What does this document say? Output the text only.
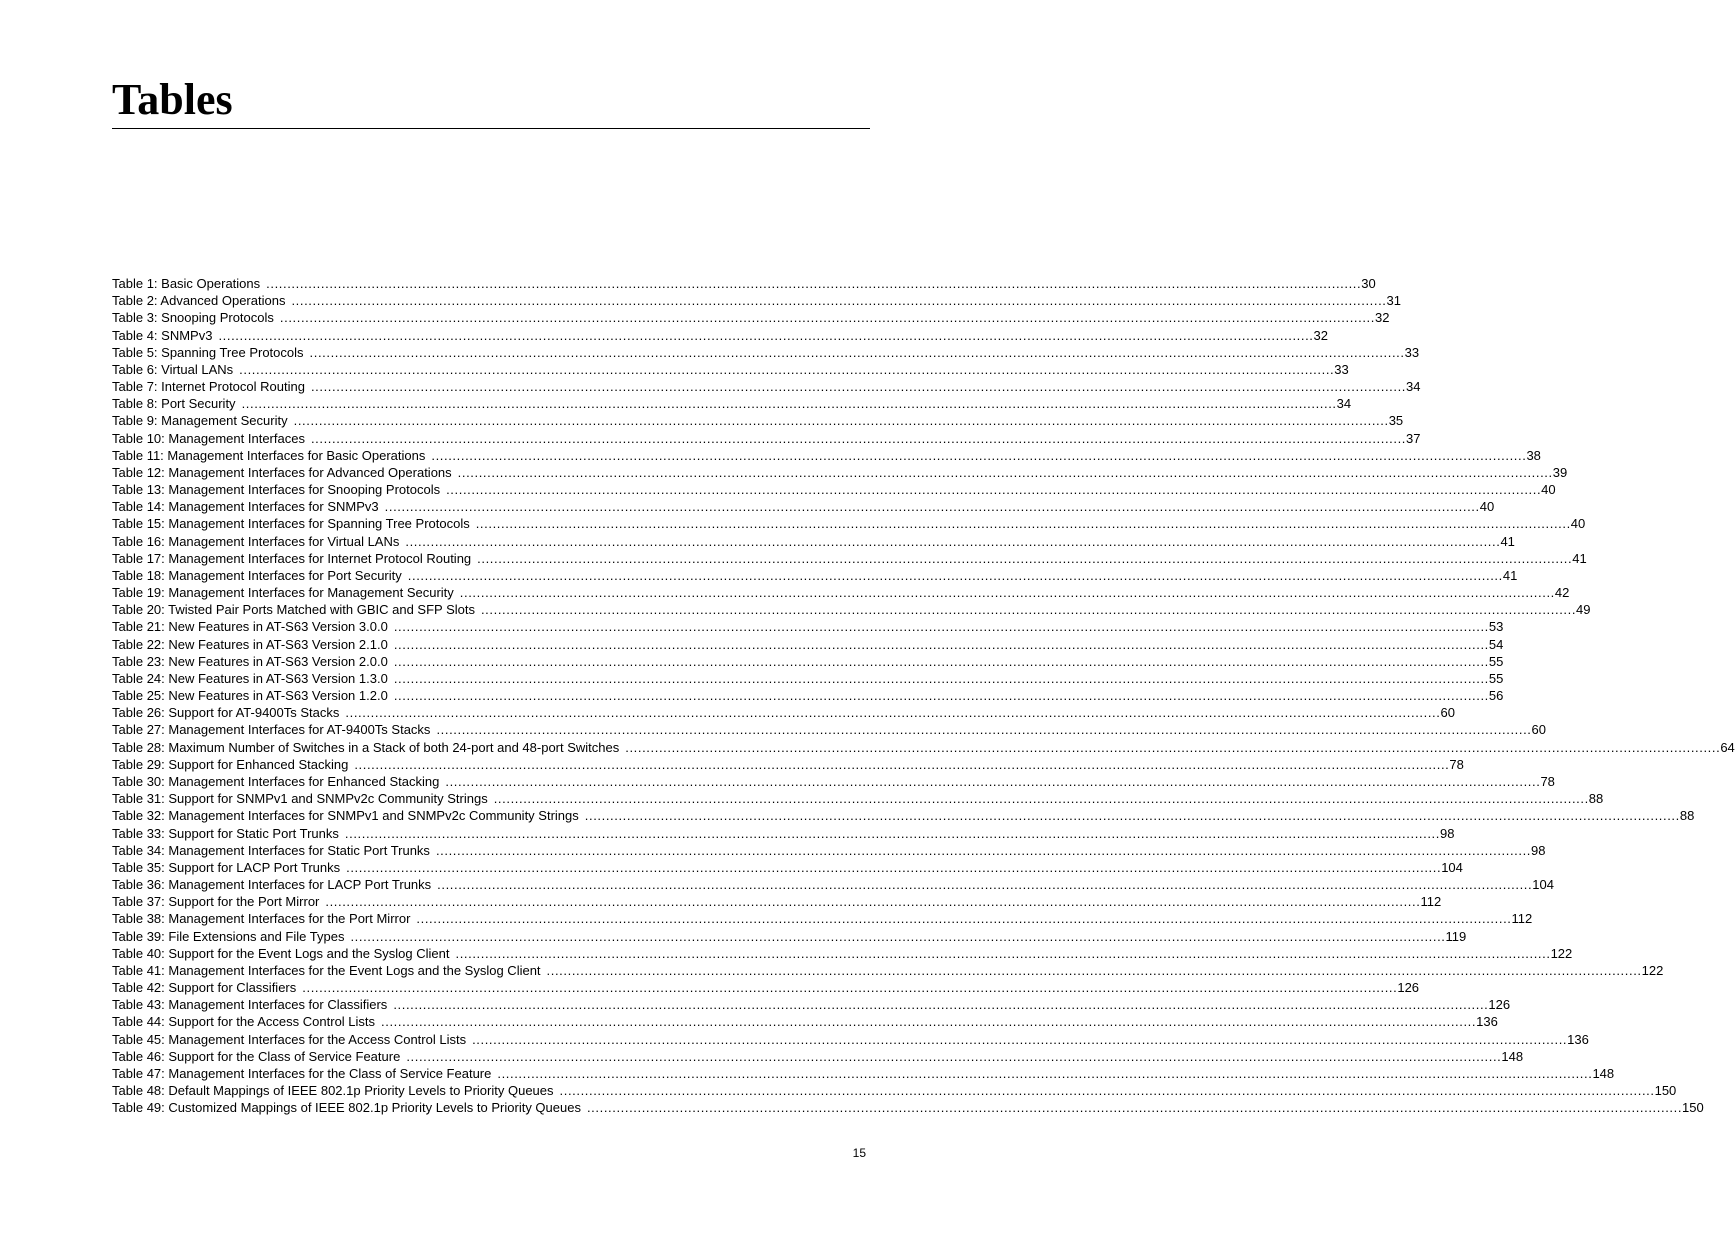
Tables
Table 1: Basic Operations .................................................................................................................................................................................................................................................................... 30
Table 2: Advanced Operations .................................................................................................................................................................................................................................................................... 31
Table 3: Snooping Protocols .................................................................................................................................................................................................................................................................... 32
Table 4: SNMPv3 .................................................................................................................................................................................................................................................................... 32
Table 5: Spanning Tree Protocols .................................................................................................................................................................................................................................................................... 33
Table 6: Virtual LANs .................................................................................................................................................................................................................................................................... 33
Table 7: Internet Protocol Routing .................................................................................................................................................................................................................................................................... 34
Table 8: Port Security .................................................................................................................................................................................................................................................................... 34
Table 9: Management Security .................................................................................................................................................................................................................................................................... 35
Table 10: Management Interfaces .................................................................................................................................................................................................................................................................... 37
Table 11: Management Interfaces for Basic Operations .................................................................................................................................................................................................................................................................... 38
Table 12: Management Interfaces for Advanced Operations .................................................................................................................................................................................................................................................................... 39
Table 13: Management Interfaces for Snooping Protocols .................................................................................................................................................................................................................................................................... 40
Table 14: Management Interfaces for SNMPv3 .................................................................................................................................................................................................................................................................... 40
Table 15: Management Interfaces for Spanning Tree Protocols .................................................................................................................................................................................................................................................................... 40
Table 16: Management Interfaces for Virtual LANs .................................................................................................................................................................................................................................................................... 41
Table 17: Management Interfaces for Internet Protocol Routing .................................................................................................................................................................................................................................................................... 41
Table 18: Management Interfaces for Port Security .................................................................................................................................................................................................................................................................... 41
Table 19: Management Interfaces for Management Security .................................................................................................................................................................................................................................................................... 42
Table 20: Twisted Pair Ports Matched with GBIC and SFP Slots .................................................................................................................................................................................................................................................................... 49
Table 21: New Features in AT-S63 Version 3.0.0 .................................................................................................................................................................................................................................................................... 53
Table 22: New Features in AT-S63 Version 2.1.0 .................................................................................................................................................................................................................................................................... 54
Table 23: New Features in AT-S63 Version 2.0.0 .................................................................................................................................................................................................................................................................... 55
Table 24: New Features in AT-S63 Version 1.3.0 .................................................................................................................................................................................................................................................................... 55
Table 25: New Features in AT-S63 Version 1.2.0 .................................................................................................................................................................................................................................................................... 56
Table 26: Support for AT-9400Ts Stacks .................................................................................................................................................................................................................................................................... 60
Table 27: Management Interfaces for AT-9400Ts Stacks .................................................................................................................................................................................................................................................................... 60
Table 28: Maximum Number of Switches in a Stack of both 24-port and 48-port Switches .................................................................................................................................................................................................................................................................... 64
Table 29: Support for Enhanced Stacking .................................................................................................................................................................................................................................................................... 78
Table 30: Management Interfaces for Enhanced Stacking .................................................................................................................................................................................................................................................................... 78
Table 31: Support for SNMPv1 and SNMPv2c Community Strings .................................................................................................................................................................................................................................................................... 88
Table 32: Management Interfaces for SNMPv1 and SNMPv2c Community Strings .................................................................................................................................................................................................................................................................... 88
Table 33: Support for Static Port Trunks .................................................................................................................................................................................................................................................................... 98
Table 34: Management Interfaces for Static Port Trunks .................................................................................................................................................................................................................................................................... 98
Table 35: Support for LACP Port Trunks .................................................................................................................................................................................................................................................................... 104
Table 36: Management Interfaces for LACP Port Trunks .................................................................................................................................................................................................................................................................... 104
Table 37: Support for the Port Mirror .................................................................................................................................................................................................................................................................... 112
Table 38: Management Interfaces for the Port Mirror .................................................................................................................................................................................................................................................................... 112
Table 39: File Extensions and File Types .................................................................................................................................................................................................................................................................... 119
Table 40: Support for the Event Logs and the Syslog Client .................................................................................................................................................................................................................................................................... 122
Table 41: Management Interfaces for the Event Logs and the Syslog Client .................................................................................................................................................................................................................................................................... 122
Table 42: Support for Classifiers .................................................................................................................................................................................................................................................................... 126
Table 43: Management Interfaces for Classifiers .................................................................................................................................................................................................................................................................... 126
Table 44: Support for the Access Control Lists .................................................................................................................................................................................................................................................................... 136
Table 45: Management Interfaces for the Access Control Lists .................................................................................................................................................................................................................................................................... 136
Table 46: Support for the Class of Service Feature .................................................................................................................................................................................................................................................................... 148
Table 47: Management Interfaces for the Class of Service Feature .................................................................................................................................................................................................................................................................... 148
Table 48: Default Mappings of IEEE 802.1p Priority Levels to Priority Queues .................................................................................................................................................................................................................................................................... 150
Table 49: Customized Mappings of IEEE 802.1p Priority Levels to Priority Queues .................................................................................................................................................................................................................................................................... 150
15
